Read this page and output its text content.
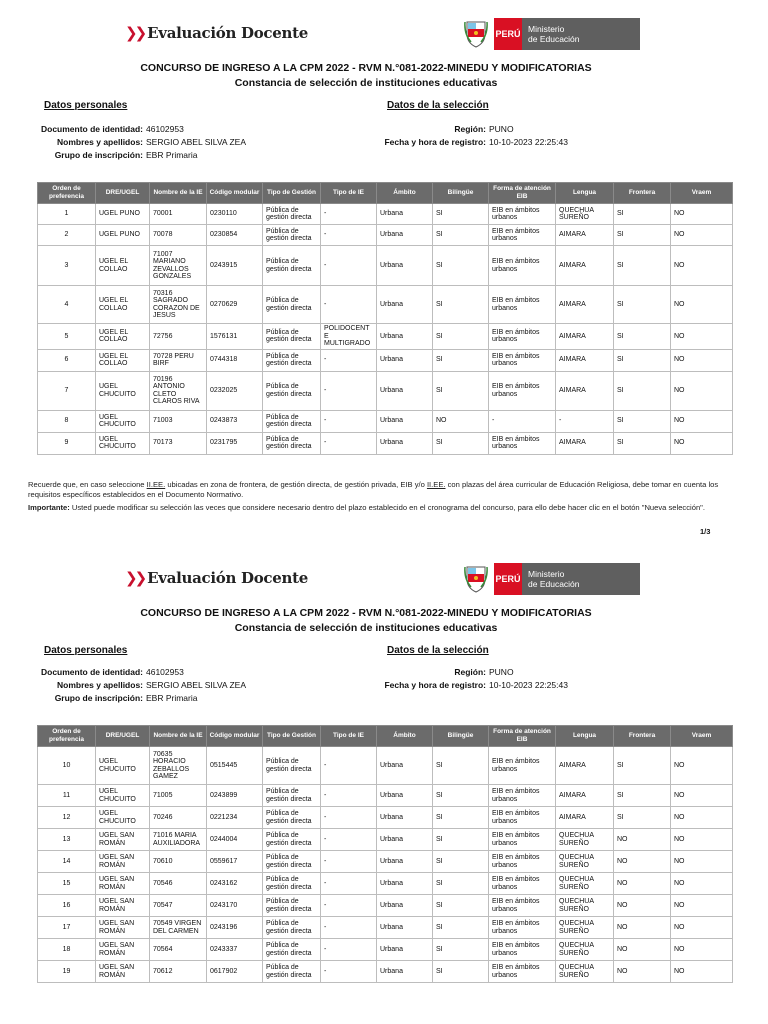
❯❯ Evaluación Docente	PERÚ Ministerio
de Educación
CONCURSO DE INGRESO A LA CPM 2022 - RVM N.°081-2022-MINEDU Y MODIFICATORIAS
Constancia de selección de instituciones educativas
Datos personales	Datos de la selección
Documento de identidad: 46102953
Nombres y apellidos: SERGIO ABEL SILVA ZEA
Grupo de inscripción: EBR Primaria
Región: PUNO
Fecha y hora de registro: 10-10-2023 22:25:43
Orden de preferencia	DRE/UGEL	Nombre de la IE	Código modular	Tipo de Gestión	Tipo de IE	Ámbito	Bilingüe	Forma de atención EIB	Lengua	Frontera	Vraem
1	UGEL PUNO	70001	0230110	Pública de gestión directa	-	Urbana	SI	EIB en ámbitos urbanos	QUECHUA SUREÑO	SI	NO
2	UGEL PUNO	70078	0230854	Pública de gestión directa	-	Urbana	SI	EIB en ámbitos urbanos	AIMARA	SI	NO
3	UGEL EL COLLAO	71007 MARIANO ZEVALLOS GONZALES	0243915	Pública de gestión directa	-	Urbana	SI	EIB en ámbitos urbanos	AIMARA	SI	NO
4	UGEL EL COLLAO	70316 SAGRADO CORAZON DE JESUS	0270629	Pública de gestión directa	-	Urbana	SI	EIB en ámbitos urbanos	AIMARA	SI	NO
5	UGEL EL COLLAO	72756	1576131	Pública de gestión directa	POLIDOCENTE MULTIGRADO	Urbana	SI	EIB en ámbitos urbanos	AIMARA	SI	NO
6	UGEL EL COLLAO	70728 PERU BIRF	0744318	Pública de gestión directa	-	Urbana	SI	EIB en ámbitos urbanos	AIMARA	SI	NO
7	UGEL CHUCUITO	70196 ANTONIO CLETO CLAROS RIVA	0232025	Pública de gestión directa	-	Urbana	SI	EIB en ámbitos urbanos	AIMARA	SI	NO
8	UGEL CHUCUITO	71003	0243873	Pública de gestión directa	-	Urbana	NO	-	-	SI	NO
9	UGEL CHUCUITO	70173	0231795	Pública de gestión directa	-	Urbana	SI	EIB en ámbitos urbanos	AIMARA	SI	NO
Recuerde que, en caso seleccione II.EE. ubicadas en zona de frontera, de gestión directa, de gestión privada, EIB y/o II.EE. con plazas del área curricular de Educación Religiosa, debe tomar en cuenta los requisitos específicos establecidos en el Documento Normativo.
Importante: Usted puede modificar su selección las veces que considere necesario dentro del plazo establecido en el cronograma del concurso, para ello debe hacer clic en el botón "Nueva selección".
1/3
❯❯ Evaluación Docente	PERÚ Ministerio
de Educación
CONCURSO DE INGRESO A LA CPM 2022 - RVM N.°081-2022-MINEDU Y MODIFICATORIAS
Constancia de selección de instituciones educativas
Datos personales	Datos de la selección
Documento de identidad: 46102953
Nombres y apellidos: SERGIO ABEL SILVA ZEA
Grupo de inscripción: EBR Primaria
Región: PUNO
Fecha y hora de registro: 10-10-2023 22:25:43
Orden de preferencia	DRE/UGEL	Nombre de la IE	Código modular	Tipo de Gestión	Tipo de IE	Ámbito	Bilingüe	Forma de atención EIB	Lengua	Frontera	Vraem
10	UGEL CHUCUITO	70635 HORACIO ZEBALLOS GAMEZ	0515445	Pública de gestión directa	-	Urbana	SI	EIB en ámbitos urbanos	AIMARA	SI	NO
11	UGEL CHUCUITO	71005	0243899	Pública de gestión directa	-	Urbana	SI	EIB en ámbitos urbanos	AIMARA	SI	NO
12	UGEL CHUCUITO	70246	0221234	Pública de gestión directa	-	Urbana	SI	EIB en ámbitos urbanos	AIMARA	SI	NO
13	UGEL SAN ROMÁN	71016 MARIA AUXILIADORA	0244004	Pública de gestión directa	-	Urbana	SI	EIB en ámbitos urbanos	QUECHUA SUREÑO	NO	NO
14	UGEL SAN ROMÁN	70610	0559617	Pública de gestión directa	-	Urbana	SI	EIB en ámbitos urbanos	QUECHUA SUREÑO	NO	NO
15	UGEL SAN ROMÁN	70546	0243162	Pública de gestión directa	-	Urbana	SI	EIB en ámbitos urbanos	QUECHUA SUREÑO	NO	NO
16	UGEL SAN ROMÁN	70547	0243170	Pública de gestión directa	-	Urbana	SI	EIB en ámbitos urbanos	QUECHUA SUREÑO	NO	NO
17	UGEL SAN ROMÁN	70549 VIRGEN DEL CARMEN	0243196	Pública de gestión directa	-	Urbana	SI	EIB en ámbitos urbanos	QUECHUA SUREÑO	NO	NO
18	UGEL SAN ROMÁN	70564	0243337	Pública de gestión directa	-	Urbana	SI	EIB en ámbitos urbanos	QUECHUA SUREÑO	NO	NO
19	UGEL SAN ROMÁN	70612	0617902	Pública de gestión directa	-	Urbana	SI	EIB en ámbitos urbanos	QUECHUA SUREÑO	NO	NO
